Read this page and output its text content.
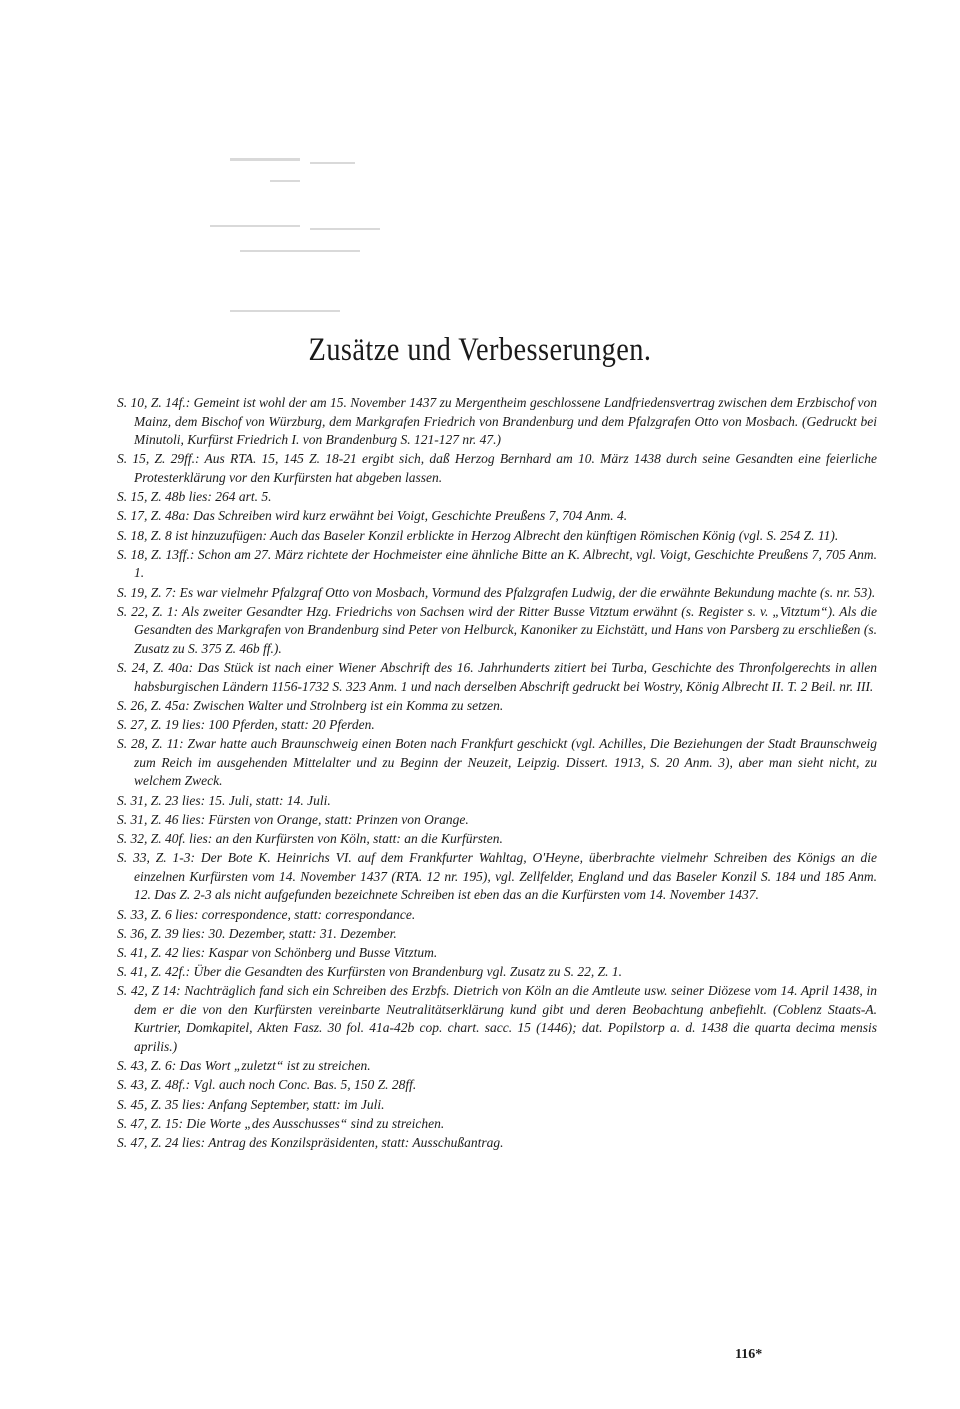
Zusätze und Verbesserungen.

S. 10, Z. 14f.: Gemeint ist wohl der am 15. November 1437 zu Mergentheim geschlossene Landfriedensvertrag zwischen dem Erzbischof von Mainz, dem Bischof von Würzburg, dem Markgrafen Friedrich von Brandenburg und dem Pfalzgrafen Otto von Mosbach. (Gedruckt bei Minutoli, Kurfürst Friedrich I. von Brandenburg S. 121-127 nr. 47.)

S. 15, Z. 29ff.: Aus RTA. 15, 145 Z. 18-21 ergibt sich, daß Herzog Bernhard am 10. März 1438 durch seine Gesandten eine feierliche Protesterklärung vor den Kurfürsten hat abgeben lassen.

S. 15, Z. 48b lies: 264 art. 5.

S. 17, Z. 48a: Das Schreiben wird kurz erwähnt bei Voigt, Geschichte Preußens 7, 704 Anm. 4.

S. 18, Z. 8 ist hinzuzufügen: Auch das Baseler Konzil erblickte in Herzog Albrecht den künftigen Römischen König (vgl. S. 254 Z. 11).

S. 18, Z. 13ff.: Schon am 27. März richtete der Hochmeister eine ähnliche Bitte an K. Albrecht, vgl. Voigt, Geschichte Preußens 7, 705 Anm. 1.

S. 19, Z. 7: Es war vielmehr Pfalzgraf Otto von Mosbach, Vormund des Pfalzgrafen Ludwig, der die erwähnte Bekundung machte (s. nr. 53).

S. 22, Z. 1: Als zweiter Gesandter Hzg. Friedrichs von Sachsen wird der Ritter Busse Vitztum erwähnt (s. Register s. v. „Vitztum“). Als die Gesandten des Markgrafen von Brandenburg sind Peter von Helburck, Kanoniker zu Eichstätt, und Hans von Parsberg zu erschließen (s. Zusatz zu S. 375 Z. 46b ff.).

S. 24, Z. 40a: Das Stück ist nach einer Wiener Abschrift des 16. Jahrhunderts zitiert bei Turba, Geschichte des Thronfolgerechts in allen habsburgischen Ländern 1156-1732 S. 323 Anm. 1 und nach derselben Abschrift gedruckt bei Wostry, König Albrecht II. T. 2 Beil. nr. III.

S. 26, Z. 45a: Zwischen Walter und Strolnberg ist ein Komma zu setzen.

S. 27, Z. 19 lies: 100 Pferden, statt: 20 Pferden.

S. 28, Z. 11: Zwar hatte auch Braunschweig einen Boten nach Frankfurt geschickt (vgl. Achilles, Die Beziehungen der Stadt Braunschweig zum Reich im ausgehenden Mittelalter und zu Beginn der Neuzeit, Leipzig. Dissert. 1913, S. 20 Anm. 3), aber man sieht nicht, zu welchem Zweck.

S. 31, Z. 23 lies: 15. Juli, statt: 14. Juli.

S. 31, Z. 46 lies: Fürsten von Orange, statt: Prinzen von Orange.

S. 32, Z. 40f. lies: an den Kurfürsten von Köln, statt: an die Kurfürsten.

S. 33, Z. 1-3: Der Bote K. Heinrichs VI. auf dem Frankfurter Wahltag, O'Heyne, überbrachte vielmehr Schreiben des Königs an die einzelnen Kurfürsten vom 14. November 1437 (RTA. 12 nr. 195), vgl. Zellfelder, England und das Baseler Konzil S. 184 und 185 Anm. 12. Das Z. 2-3 als nicht aufgefunden bezeichnete Schreiben ist eben das an die Kurfürsten vom 14. November 1437.

S. 33, Z. 6 lies: correspondence, statt: correspondance.

S. 36, Z. 39 lies: 30. Dezember, statt: 31. Dezember.

S. 41, Z. 42 lies: Kaspar von Schönberg und Busse Vitztum.

S. 41, Z. 42f.: Über die Gesandten des Kurfürsten von Brandenburg vgl. Zusatz zu S. 22, Z. 1.

S. 42, Z 14: Nachträglich fand sich ein Schreiben des Erzbfs. Dietrich von Köln an die Amtleute usw. seiner Diözese vom 14. April 1438, in dem er die von den Kurfürsten vereinbarte Neutralitätserklärung kund gibt und deren Beobachtung anbefiehlt. (Coblenz Staats-A. Kurtrier, Domkapitel, Akten Fasz. 30 fol. 41a-42b cop. chart. sacc. 15 (1446); dat. Popilstorp a. d. 1438 die quarta decima mensis aprilis.)

S. 43, Z. 6: Das Wort „zuletzt“ ist zu streichen.

S. 43, Z. 48f.: Vgl. auch noch Conc. Bas. 5, 150 Z. 28ff.

S. 45, Z. 35 lies: Anfang September, statt: im Juli.

S. 47, Z. 15: Die Worte „des Ausschusses“ sind zu streichen.

S. 47, Z. 24 lies: Antrag des Konzilspräsidenten, statt: Ausschußantrag.

116*
